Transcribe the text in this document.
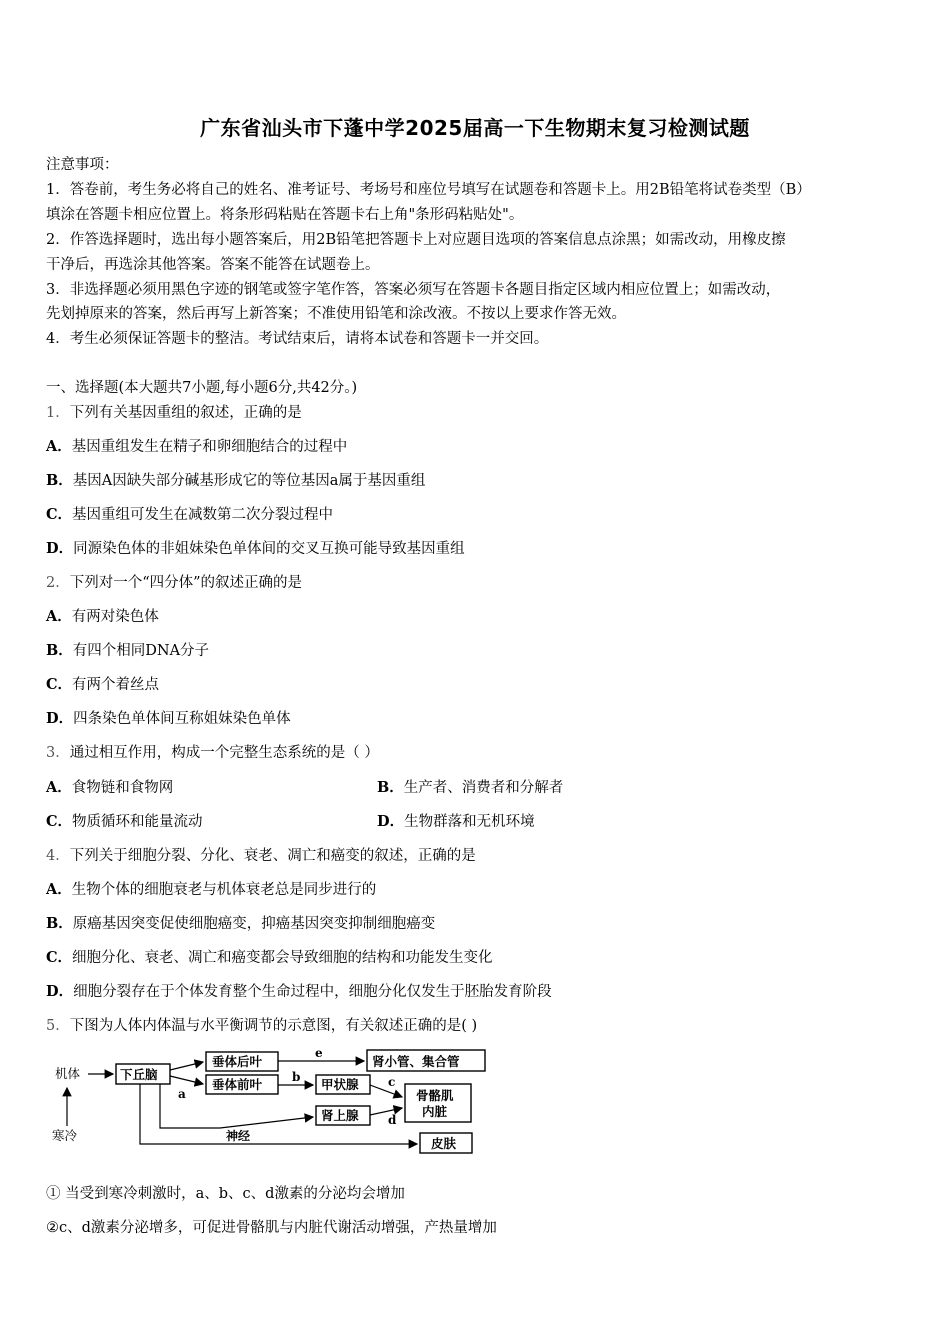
广东省汕头市下蓬中学2025届高一下生物期末复习检测试题
注意事项：
1．答卷前，考生务必将自己的姓名、准考证号、考场号和座位号填写在试题卷和答题卡上。用2B铅笔将试卷类型（B）
填涂在答题卡相应位置上。将条形码粘贴在答题卡右上角"条形码粘贴处"。
2．作答选择题时，选出每小题答案后，用2B铅笔把答题卡上对应题目选项的答案信息点涂黑；如需改动，用橡皮擦
干净后，再选涂其他答案。答案不能答在试题卷上。
3．非选择题必须用黑色字迹的钢笔或签字笔作答，答案必须写在答题卡各题目指定区域内相应位置上；如需改动，
先划掉原来的答案，然后再写上新答案；不准使用铅笔和涂改液。不按以上要求作答无效。
4．考生必须保证答题卡的整洁。考试结束后，请将本试卷和答题卡一并交回。
一、选择题(本大题共7小题,每小题6分,共42分。)
1．下列有关基因重组的叙述，正确的是
A．基因重组发生在精子和卵细胞结合的过程中
B．基因A因缺失部分碱基形成它的等位基因a属于基因重组
C．基因重组可发生在减数第二次分裂过程中
D．同源染色体的非姐妹染色单体间的交叉互换可能导致基因重组
2．下列对一个“四分体”的叙述正确的是
A．有两对染色体
B．有四个相同DNA分子
C．有两个着丝点
D．四条染色单体间互称姐妹染色单体
3．通过相互作用，构成一个完整生态系统的是（ ）
A．食物链和食物网	B．生产者、消费者和分解者
C．物质循环和能量流动	D．生物群落和无机环境
4．下列关于细胞分裂、分化、衰老、凋亡和癌变的叙述，正确的是
A．生物个体的细胞衰老与机体衰老总是同步进行的
B．原癌基因突变促使细胞癌变，抑癌基因突变抑制细胞癌变
C．细胞分化、衰老、凋亡和癌变都会导致细胞的结构和功能发生变化
D．细胞分裂存在于个体发育整个生命过程中，细胞分化仅发生于胚胎发育阶段
5．下图为人体内体温与水平衡调节的示意图，有关叙述正确的是( )
机体
寒冷
下丘脑
垂体后叶
垂体前叶
肾小管、集合管
甲状腺
骨骼肌
内脏
肾上腺
皮肤
a
b	c
d
e
神经
① 当受到寒冷刺激时，a、b、c、d激素的分泌均会增加
②c、d激素分泌增多，可促进骨骼肌与内脏代谢活动增强，产热量增加
